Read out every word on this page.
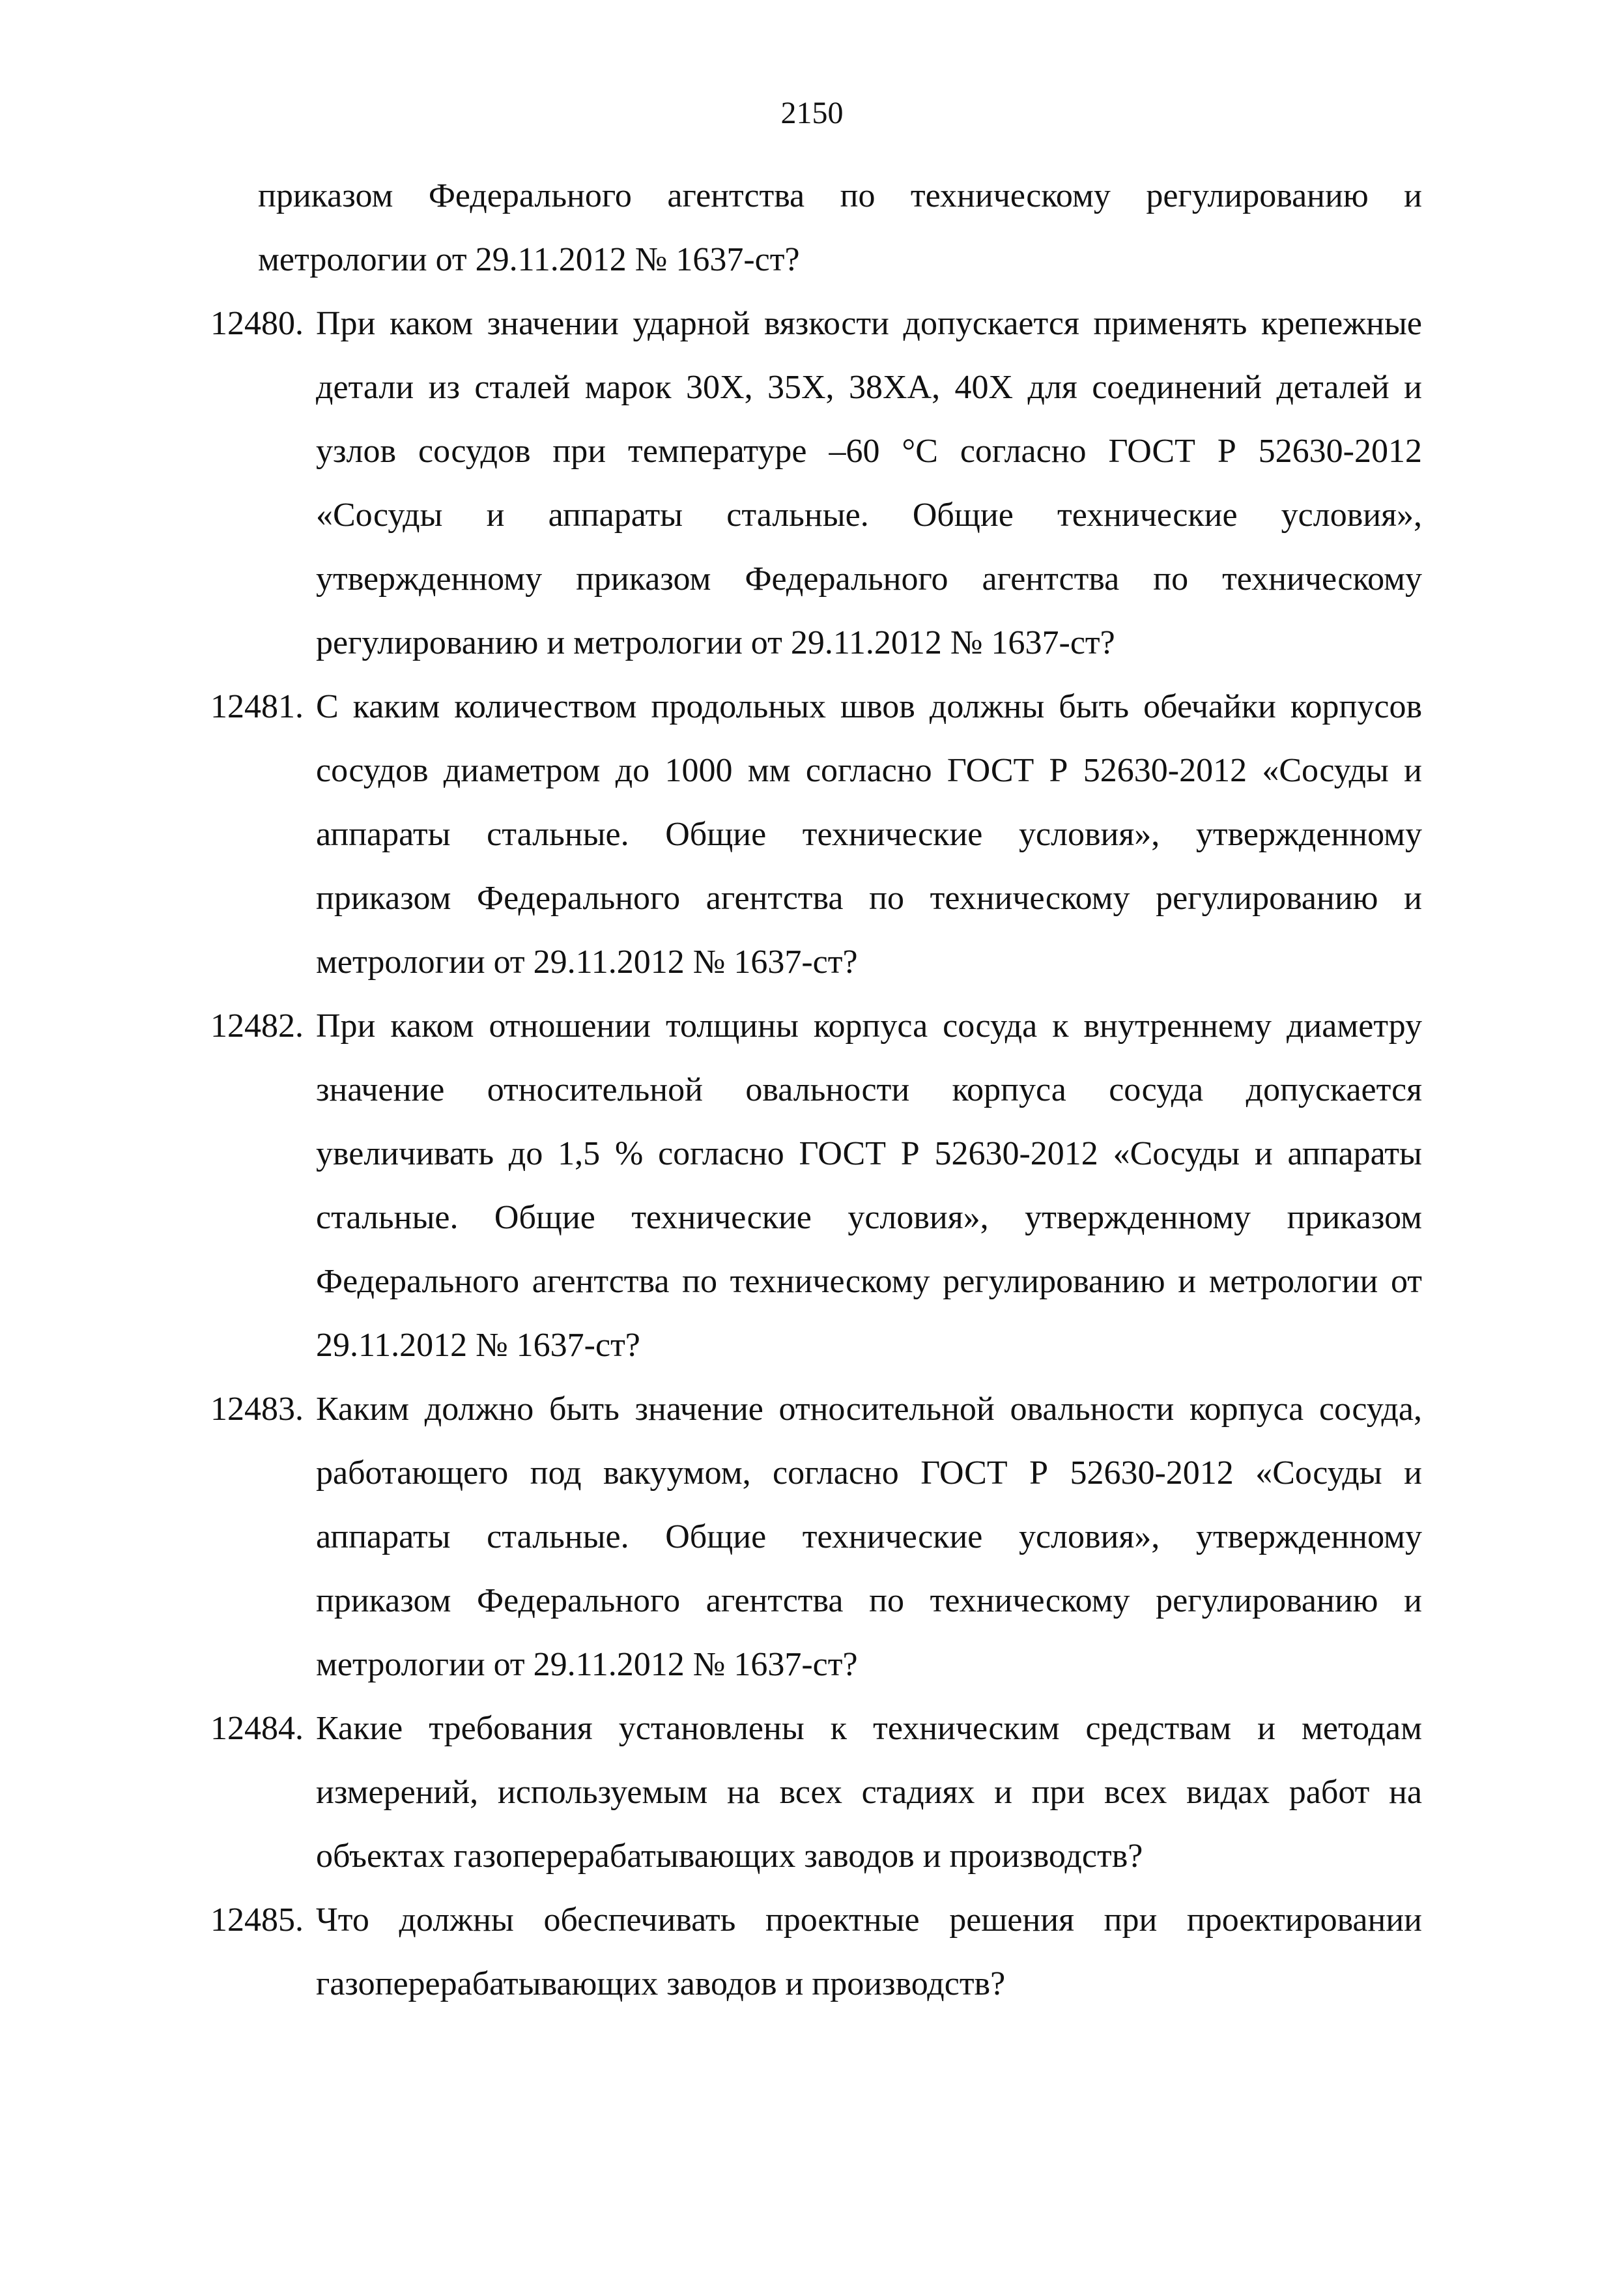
2150
приказом Федерального агентства по техническому регулированию и метрологии от 29.11.2012 № 1637-ст?
12480. При каком значении ударной вязкости допускается применять крепежные детали из сталей марок 30Х, 35Х, 38ХА, 40Х для соединений деталей и узлов сосудов при температуре –60 °С согласно ГОСТ Р 52630-2012 «Сосуды и аппараты стальные. Общие технические условия», утвержденному приказом Федерального агентства по техническому регулированию и метрологии от 29.11.2012 № 1637-ст?
12481. С каким количеством продольных швов должны быть обечайки корпусов сосудов диаметром до 1000 мм согласно ГОСТ Р 52630-2012 «Сосуды и аппараты стальные. Общие технические условия», утвержденному приказом Федерального агентства по техническому регулированию и метрологии от 29.11.2012 № 1637-ст?
12482. При каком отношении толщины корпуса сосуда к внутреннему диаметру значение относительной овальности корпуса сосуда допускается увеличивать до 1,5 % согласно ГОСТ Р 52630-2012 «Сосуды и аппараты стальные. Общие технические условия», утвержденному приказом Федерального агентства по техническому регулированию и метрологии от 29.11.2012 № 1637-ст?
12483. Каким должно быть значение относительной овальности корпуса сосуда, работающего под вакуумом, согласно ГОСТ Р 52630-2012 «Сосуды и аппараты стальные. Общие технические условия», утвержденному приказом Федерального агентства по техническому регулированию и метрологии от 29.11.2012 № 1637-ст?
12484. Какие требования установлены к техническим средствам и методам измерений, используемым на всех стадиях и при всех видах работ на объектах газоперерабатывающих заводов и производств?
12485. Что должны обеспечивать проектные решения при проектировании газоперерабатывающих заводов и производств?
